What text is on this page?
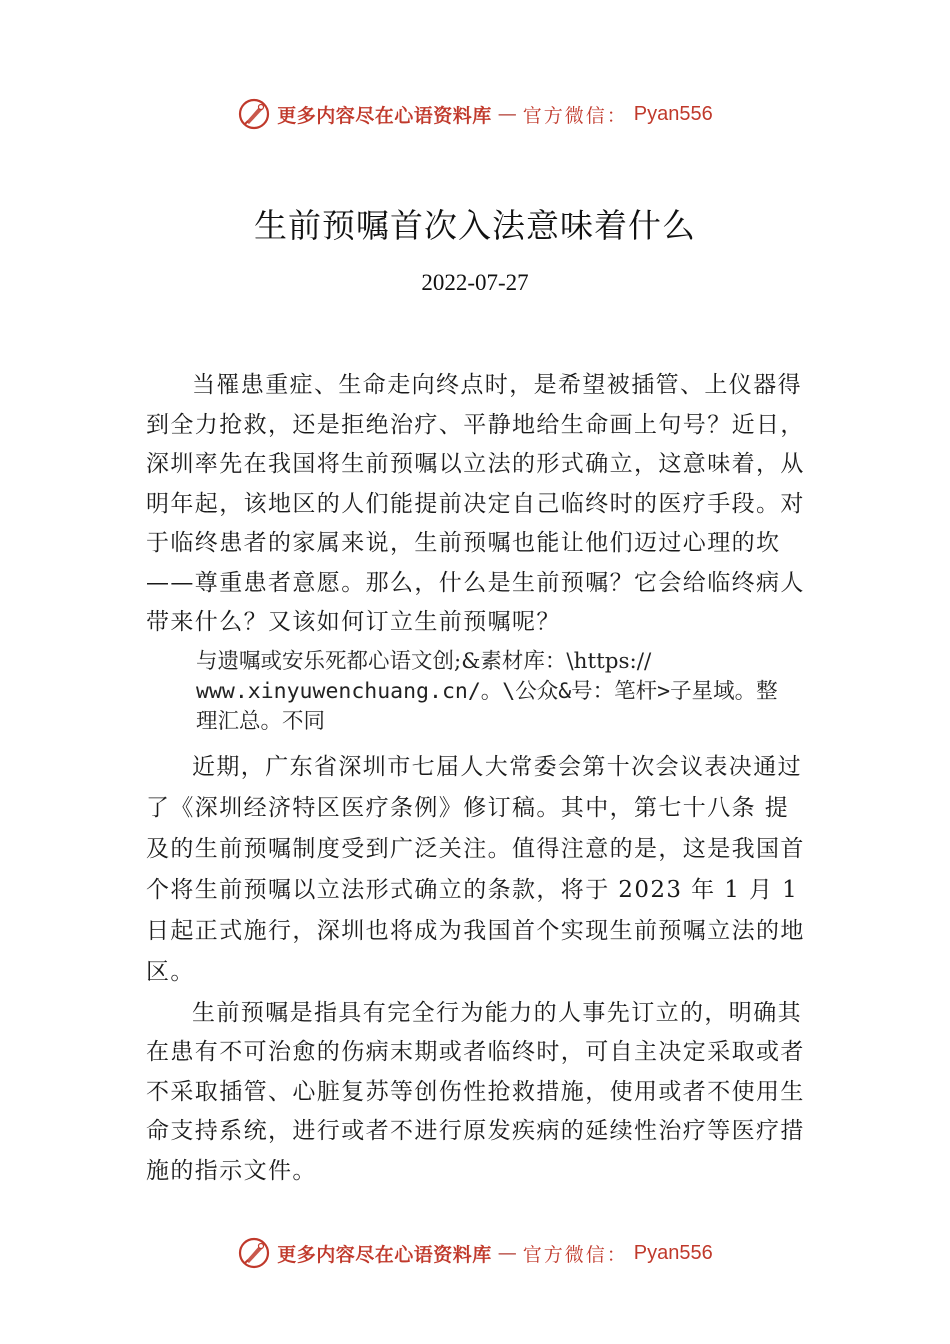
更多内容尽在心语资料库 — 官方微信： Pyan556
生前预嘱首次入法意味着什么
2022-07-27

当罹患重症、生命走向终点时，是希望被插管、上仪器得到全力抢救，还是拒绝治疗、平静地给生命画上句号？近日，深圳率先在我国将生前预嘱以立法的形式确立，这意味着，从明年起，该地区的人们能提前决定自己临终时的医疗手段。对于临终患者的家属来说，生前预嘱也能让他们迈过心理的坎——尊重患者意愿。那么，什么是生前预嘱？它会给临终病人带来什么？又该如何订立生前预嘱呢？

与遗嘱或安乐死都心语文创;&素材库：\https://
www.xinyuwenchuang.cn/。\公众&号：笔杆>子星域。整
理汇总。不同

近期，广东省深圳市七届人大常委会第十次会议表决通过了《深圳经济特区医疗条例》修订稿。其中，第七十八条 提及的生前预嘱制度受到广泛关注。值得注意的是，这是我国首个将生前预嘱以立法形式确立的条款，将于 2023 年 1 月 1 日起正式施行，深圳也将成为我国首个实现生前预嘱立法的地区。

生前预嘱是指具有完全行为能力的人事先订立的，明确其在患有不可治愈的伤病末期或者临终时，可自主决定采取或者不采取插管、心脏复苏等创伤性抢救措施，使用或者不使用生命支持系统，进行或者不进行原发疾病的延续性治疗等医疗措施的指示文件。

更多内容尽在心语资料库 — 官方微信： Pyan556
